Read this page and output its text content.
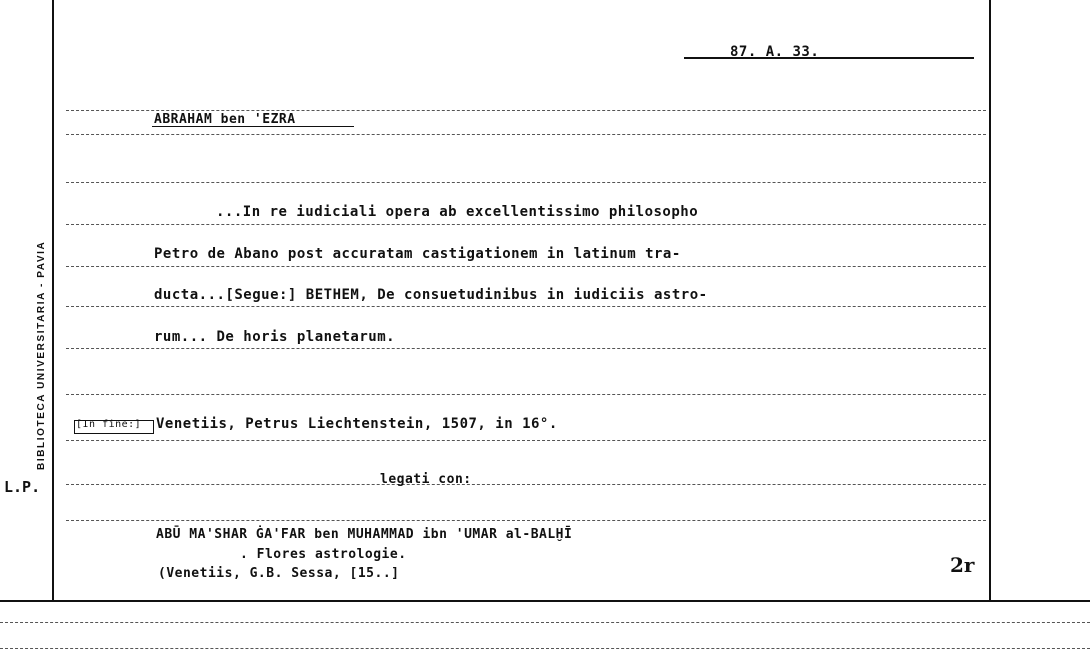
BIBLIOTECA UNIVERSITARIA - PAVIA
L.P.
87. A. 33.
ABRAHAM ben 'EZRA
...In re iudiciali opera ab excellentissimo philosopho
Petro de Abano post accuratam castigationem in latinum tra-
ducta...[Segue:] BETHEM, De consuetudinibus in iudiciis astro-
rum... De horis planetarum.
[In fine:] Venetiis, Petrus Liechtenstein, 1507, in 16°.
legati con:
ABŪ MA'SHAR ĠA'FAR ben MUHAMMAD ibn 'UMAR al-BALḪĪ
. Flores astrologie.
(Venetiis, G.B. Sessa, [15..]	2r
